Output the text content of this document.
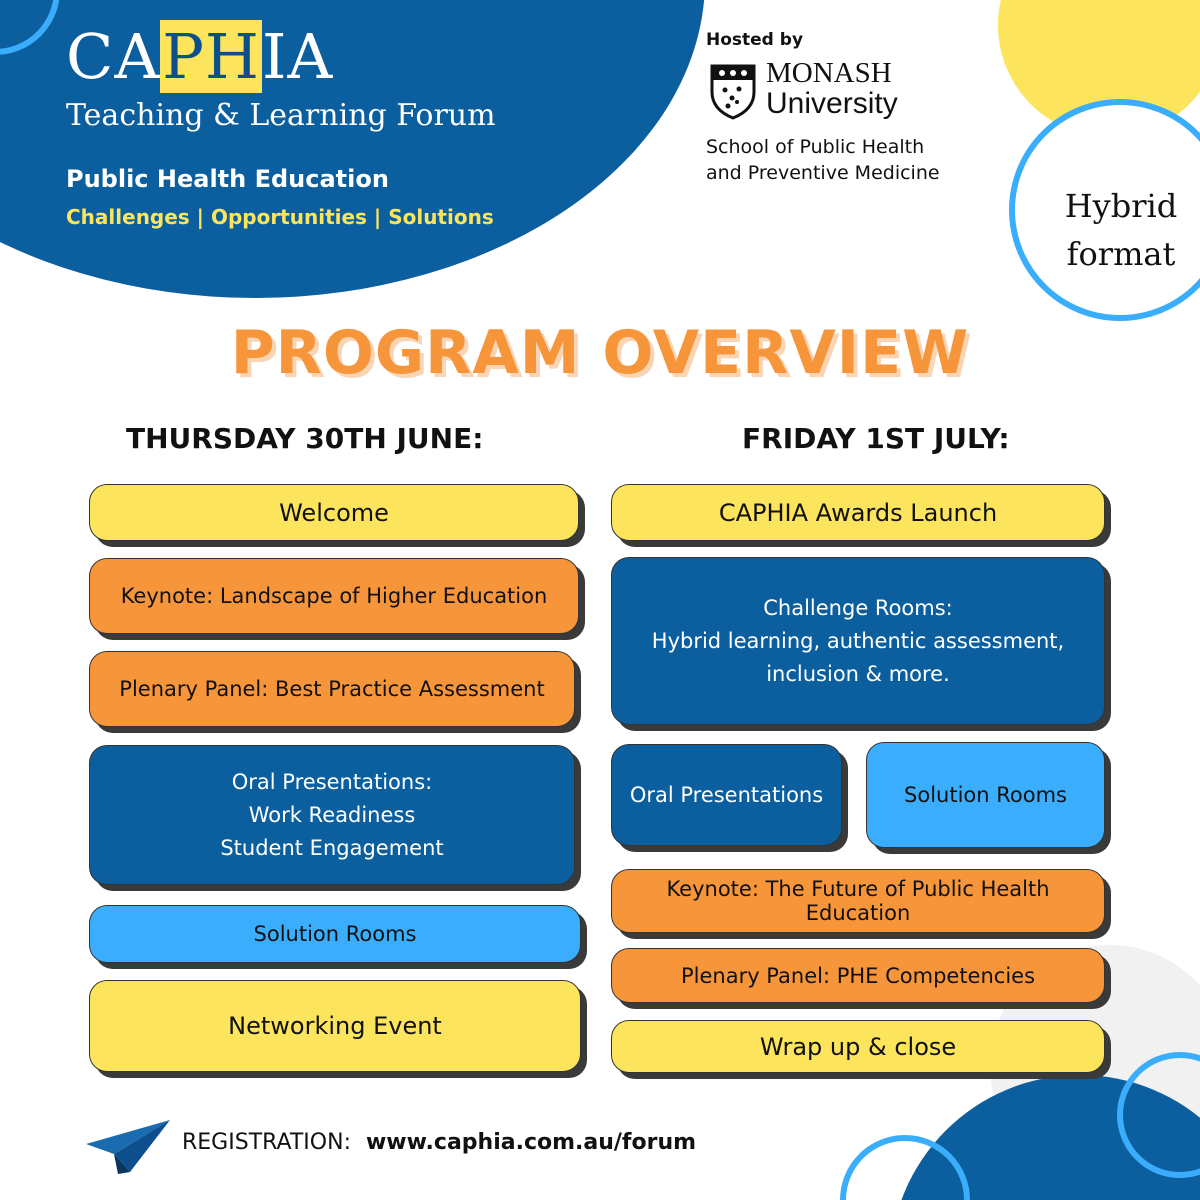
CAPHIA
Teaching & Learning Forum
Public Health Education
Challenges | Opportunities | Solutions
Hosted by
MONASH
University
School of Public Health
and Preventive Medicine
Hybrid
format
PROGRAM OVERVIEW
THURSDAY 30TH JUNE:
Welcome
Keynote: Landscape of Higher Education
Plenary Panel: Best Practice Assessment
Oral Presentations:
Work Readiness
Student Engagement
Solution Rooms
Networking Event
FRIDAY 1ST JULY:
CAPHIA Awards Launch
Challenge Rooms:
Hybrid learning, authentic assessment,
inclusion & more.
Oral Presentations	Solution Rooms
Keynote: The Future of Public Health Education
Plenary Panel: PHE Competencies
Wrap up & close
REGISTRATION: www.caphia.com.au/forum
